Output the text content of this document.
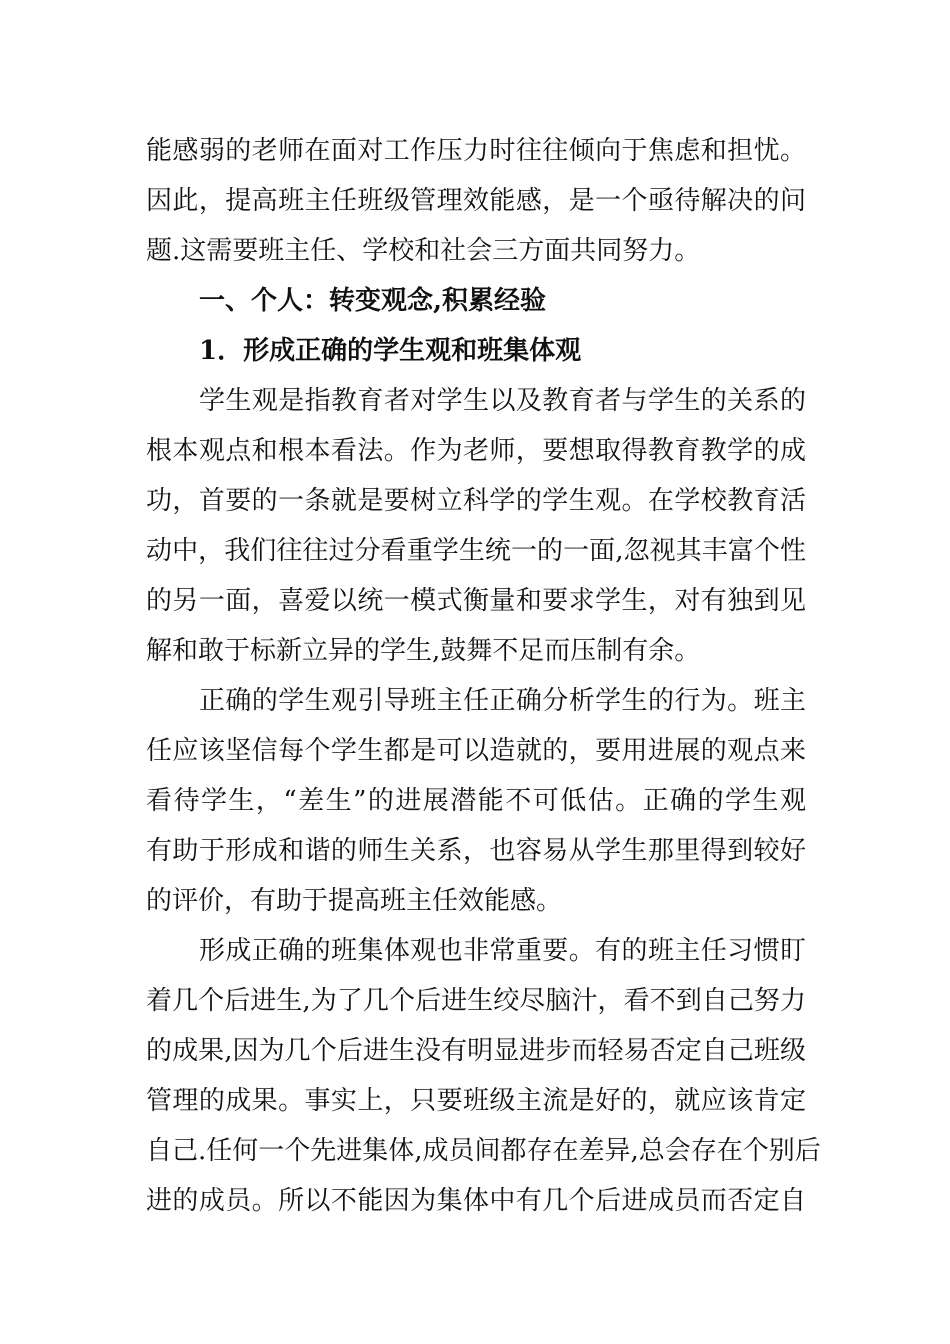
能感弱的老师在面对工作压力时往往倾向于焦虑和担忧。
因此，提高班主任班级管理效能感，是一个亟待解决的问
题.这需要班主任、学校和社会三方面共同努力。
一、个人：转变观念,积累经验
1．形成正确的学生观和班集体观
学生观是指教育者对学生以及教育者与学生的关系的
根本观点和根本看法。作为老师，要想取得教育教学的成
功，首要的一条就是要树立科学的学生观。在学校教育活
动中，我们往往过分看重学生统一的一面,忽视其丰富个性
的另一面，喜爱以统一模式衡量和要求学生，对有独到见
解和敢于标新立异的学生,鼓舞不足而压制有余。
正确的学生观引导班主任正确分析学生的行为。班主
任应该坚信每个学生都是可以造就的，要用进展的观点来
看待学生，“差生”的进展潜能不可低估。正确的学生观
有助于形成和谐的师生关系，也容易从学生那里得到较好
的评价，有助于提高班主任效能感。
形成正确的班集体观也非常重要。有的班主任习惯盯
着几个后进生,为了几个后进生绞尽脑汁，看不到自己努力
的成果,因为几个后进生没有明显进步而轻易否定自己班级
管理的成果。事实上，只要班级主流是好的，就应该肯定
自己.任何一个先进集体,成员间都存在差异,总会存在个别后
进的成员。所以不能因为集体中有几个后进成员而否定自
